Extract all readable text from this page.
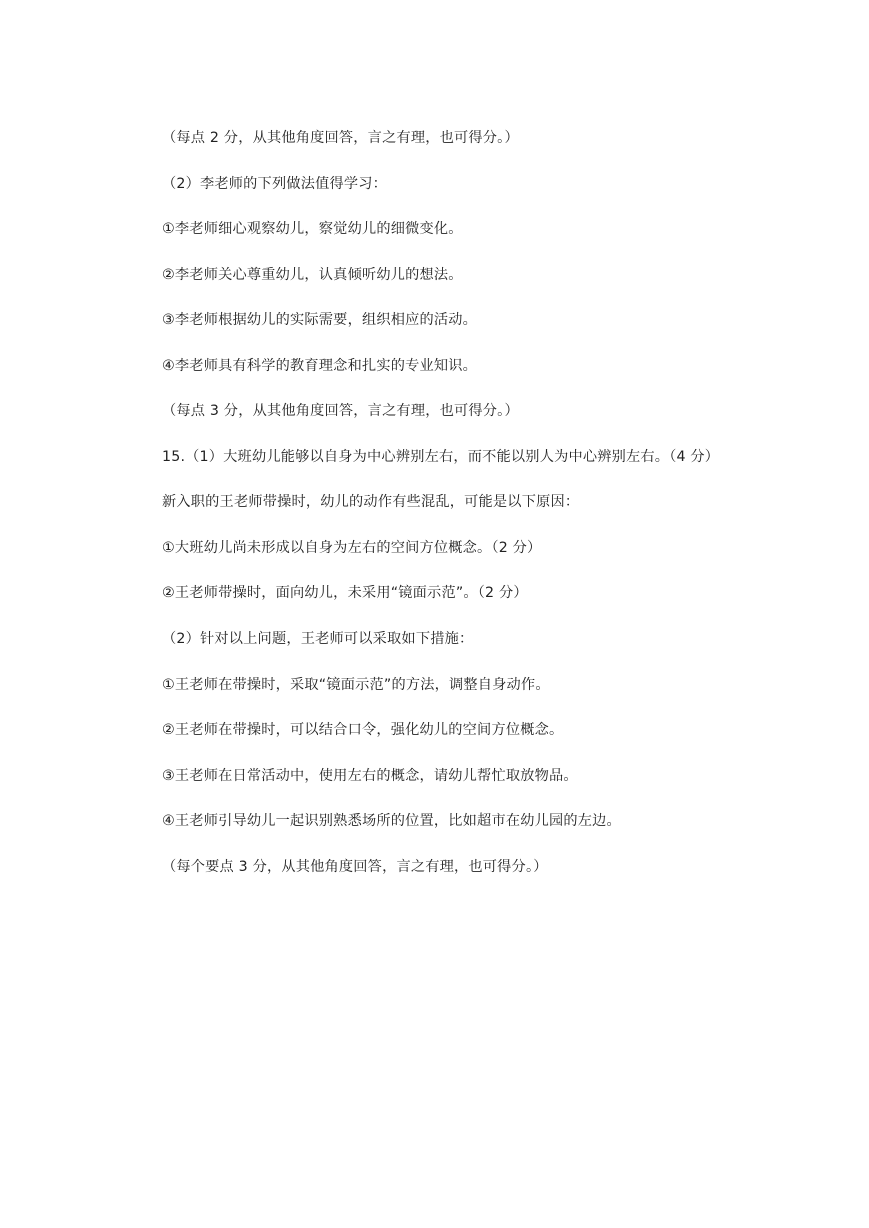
（每点 2 分，从其他角度回答，言之有理，也可得分。）
（2）李老师的下列做法值得学习：
①李老师细心观察幼儿，察觉幼儿的细微变化。
②李老师关心尊重幼儿，认真倾听幼儿的想法。
③李老师根据幼儿的实际需要，组织相应的活动。
④李老师具有科学的教育理念和扎实的专业知识。
（每点 3 分，从其他角度回答，言之有理，也可得分。）
15.（1）大班幼儿能够以自身为中心辨别左右，而不能以别人为中心辨别左右。（4 分）
新入职的王老师带操时，幼儿的动作有些混乱，可能是以下原因：
①大班幼儿尚未形成以自身为左右的空间方位概念。（2 分）
②王老师带操时，面向幼儿，未采用“镜面示范”。（2 分）
（2）针对以上问题，王老师可以采取如下措施：
①王老师在带操时，采取“镜面示范”的方法，调整自身动作。
②王老师在带操时，可以结合口令，强化幼儿的空间方位概念。
③王老师在日常活动中，使用左右的概念，请幼儿帮忙取放物品。
④王老师引导幼儿一起识别熟悉场所的位置，比如超市在幼儿园的左边。
（每个要点 3 分，从其他角度回答，言之有理，也可得分。）
